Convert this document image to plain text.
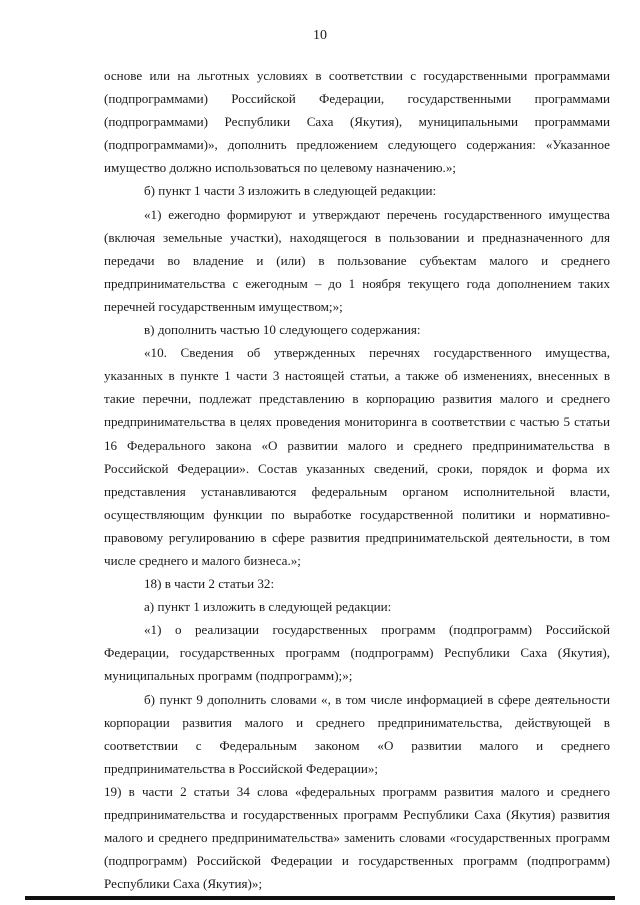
10

основе или на льготных условиях в соответствии с государственными программами (подпрограммами) Российской Федерации, государственными программами (подпрограммами) Республики Саха (Якутия), муниципальными программами (подпрограммами)», дополнить предложением следующего содержания: «Указанное имущество должно использоваться по целевому назначению.»;

б) пункт 1 части 3 изложить в следующей редакции:

«1) ежегодно формируют и утверждают перечень государственного имущества (включая земельные участки), находящегося в пользовании и предназначенного для передачи во владение и (или) в пользование субъектам малого и среднего предпринимательства с ежегодным – до 1 ноября текущего года дополнением таких перечней государственным имуществом;»;

в) дополнить частью 10 следующего содержания:

«10. Сведения об утвержденных перечнях государственного имущества, указанных в пункте 1 части 3 настоящей статьи, а также об изменениях, внесенных в такие перечни, подлежат представлению в корпорацию развития малого и среднего предпринимательства в целях проведения мониторинга в соответствии с частью 5 статьи 16 Федерального закона «О развитии малого и среднего предпринимательства в Российской Федерации». Состав указанных сведений, сроки, порядок и форма их представления устанавливаются федеральным органом исполнительной власти, осуществляющим функции по выработке государственной политики и нормативно-правовому регулированию в сфере развития предпринимательской деятельности, в том числе среднего и малого бизнеса.»;

18) в части 2 статьи 32:

а) пункт 1 изложить в следующей редакции:

«1) о реализации государственных программ (подпрограмм) Российской Федерации, государственных программ (подпрограмм) Республики Саха (Якутия), муниципальных программ (подпрограмм);»;

б) пункт 9 дополнить словами «, в том числе информацией в сфере деятельности корпорации развития малого и среднего предпринимательства, действующей в соответствии с Федеральным законом «О развитии малого и среднего предпринимательства в Российской Федерации»;

19) в части 2 статьи 34 слова «федеральных программ развития малого и среднего предпринимательства и государственных программ Республики Саха (Якутия) развития малого и среднего предпринимательства» заменить словами «государственных программ (подпрограмм) Российской Федерации и государственных программ (подпрограмм) Республики Саха (Якутия)»;
